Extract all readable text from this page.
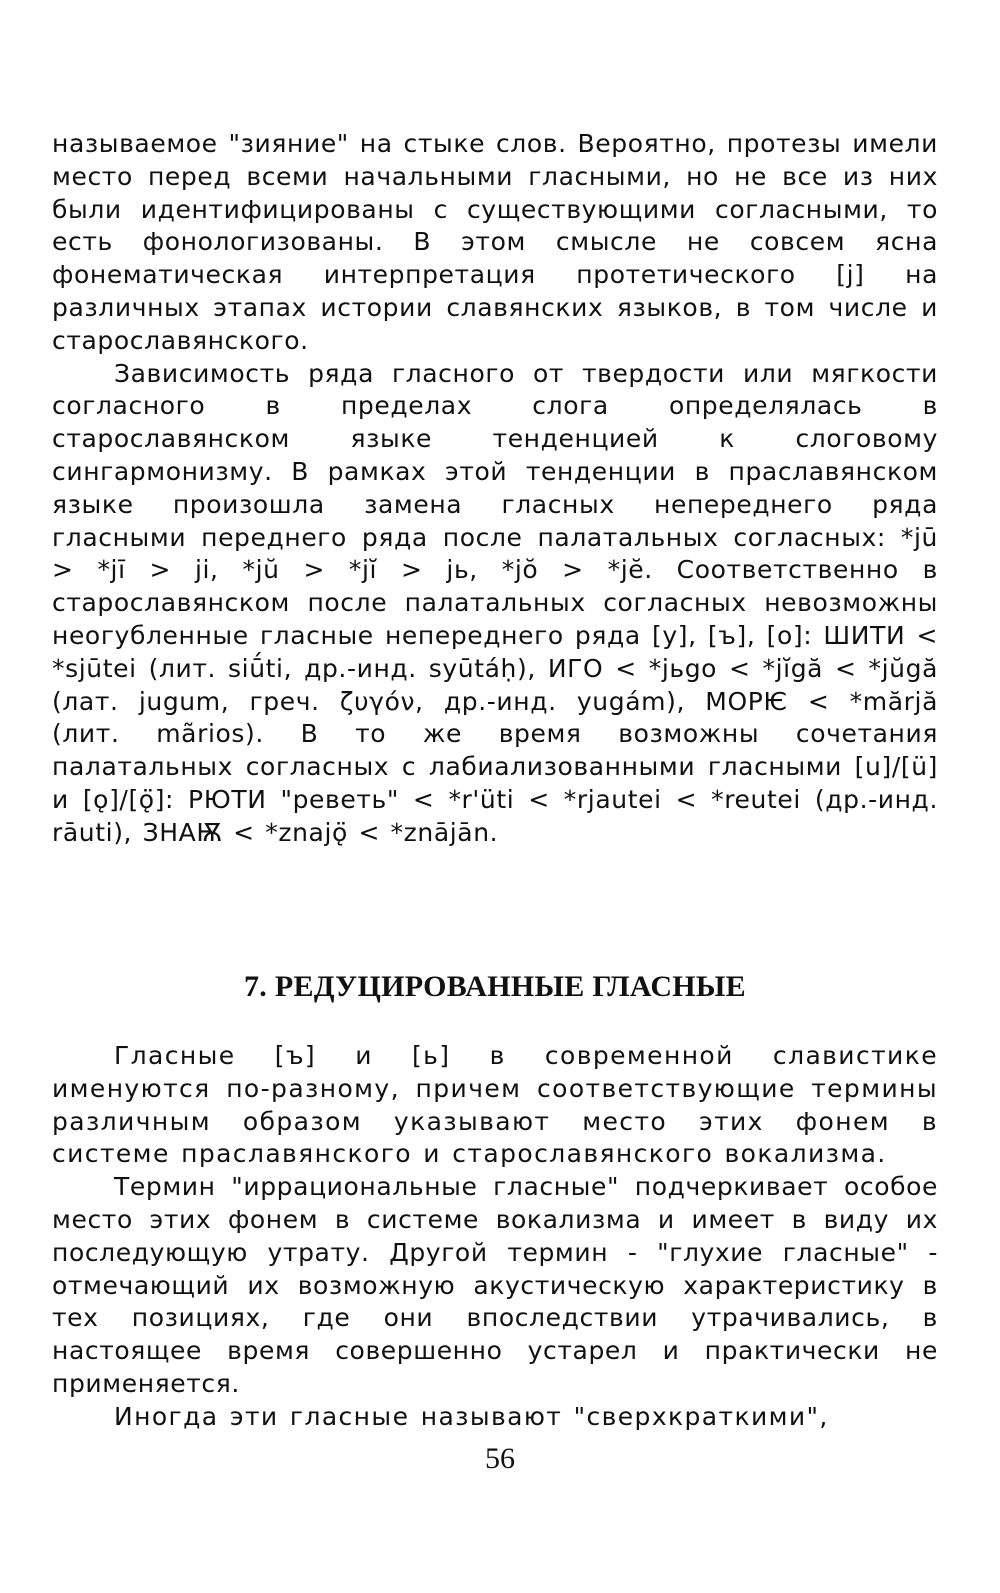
называемое "зияние" на стыке слов. Вероятно, протезы имели место перед всеми начальными гласными, но не все из них были идентифицированы с существующими согласными, то есть фонологизованы. В этом смысле не совсем ясна фонематическая интерпретация протетического [j] на различных этапах истории славянских языков, в том числе и старославянского.

Зависимость ряда гласного от твердости или мягкости согласного в пределах слога определялась в старославянском языке тенденцией к слоговому сингармонизму. В рамках этой тенденции в праславянском языке произошла замена гласных непереднего ряда гласными переднего ряда после палатальных согласных: *jū > *jī > ji, *jŭ > *jĭ > jь, *jŏ > *jĕ. Соответственно в старославянском после палатальных согласных невозможны неогубленные гласные непереднего ряда [y], [ъ], [o]: ШИТИ < *sjūtei (лит. siū́ti, др.-инд. syūtáḥ), ИГО < *jьgo < *jĭgă < *jŭgă (лат. jugum, греч. ζυγόν, др.-инд. yugám), МОРѤ < *mărjă (лит. mãrios). В то же время возможны сочетания палатальных согласных с лабиализованными гласными [u]/[ü] и [ǫ]/[ǫ̈]: РЮТИ "реветь" < *r'üti < *rjautei < *reutei (др.-инд. rāuti), ЗНАѬ < *znajǫ̈ < *znājān.

7. РЕДУЦИРОВАННЫЕ ГЛАСНЫЕ

Гласные [ъ] и [ь] в современной славистике именуются по-разному, причем соответствующие термины различным образом указывают место этих фонем в системе праславянского и старославянского вокализма.

Термин "иррациональные гласные" подчеркивает особое место этих фонем в системе вокализма и имеет в виду их последующую утрату. Другой термин - "глухие гласные" - отмечающий их возможную акустическую характеристику в тех позициях, где они впоследствии утрачивались, в настоящее время совершенно устарел и практически не применяется.

Иногда эти гласные называют "сверхкраткими",

56
